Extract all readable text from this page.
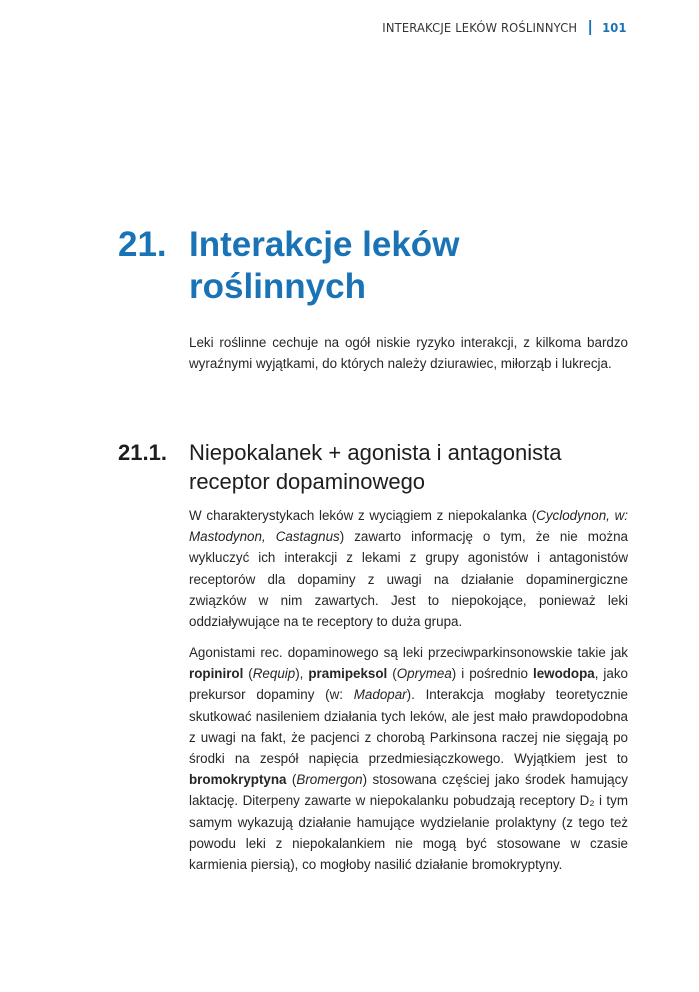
INTERAKCJE LEKÓW ROŚLINNYCH 101
21. Interakcje leków roślinnych

Leki roślinne cechuje na ogół niskie ryzyko interakcji, z kilkoma bardzo wyraźnymi wyjątkami, do których należy dziurawiec, miłorząb i lukrecja.

21.1.	Niepokalanek + agonista i antagonista receptor dopaminowego

W charakterystykach leków z wyciągiem z niepokalanka (Cyclodynon, w: Mastodynon, Castagnus) zawarto informację o tym, że nie można wykluczyć ich interakcji z lekami z grupy agonistów i antagonistów receptorów dla dopaminy z uwagi na działanie dopaminergiczne związków w nim zawartych. Jest to niepokojące, ponieważ leki oddziaływujące na te receptory to duża grupa.

Agonistami rec. dopaminowego są leki przeciwparkinsonowskie takie jak ropinirol (Requip), pramipeksol (Oprymea) i pośrednio lewodopa, jako prekursor dopaminy (w: Madopar). Interakcja mogłaby teoretycznie skutkować nasileniem działania tych leków, ale jest mało prawdopodobna z uwagi na fakt, że pacjenci z chorobą Parkinsona raczej nie sięgają po środki na zespół napięcia przedmiesiączkowego. Wyjątkiem jest to bromokryptyna (Bromergon) stosowana częściej jako środek hamujący laktację. Diterpeny zawarte w niepokalanku pobudzają receptory D₂ i tym samym wykazują działanie hamujące wydzielanie prolaktyny (z tego też powodu leki z niepokalankiem nie mogą być stosowane w czasie karmienia piersią), co mogłoby nasilić działanie bromokryptyny.
